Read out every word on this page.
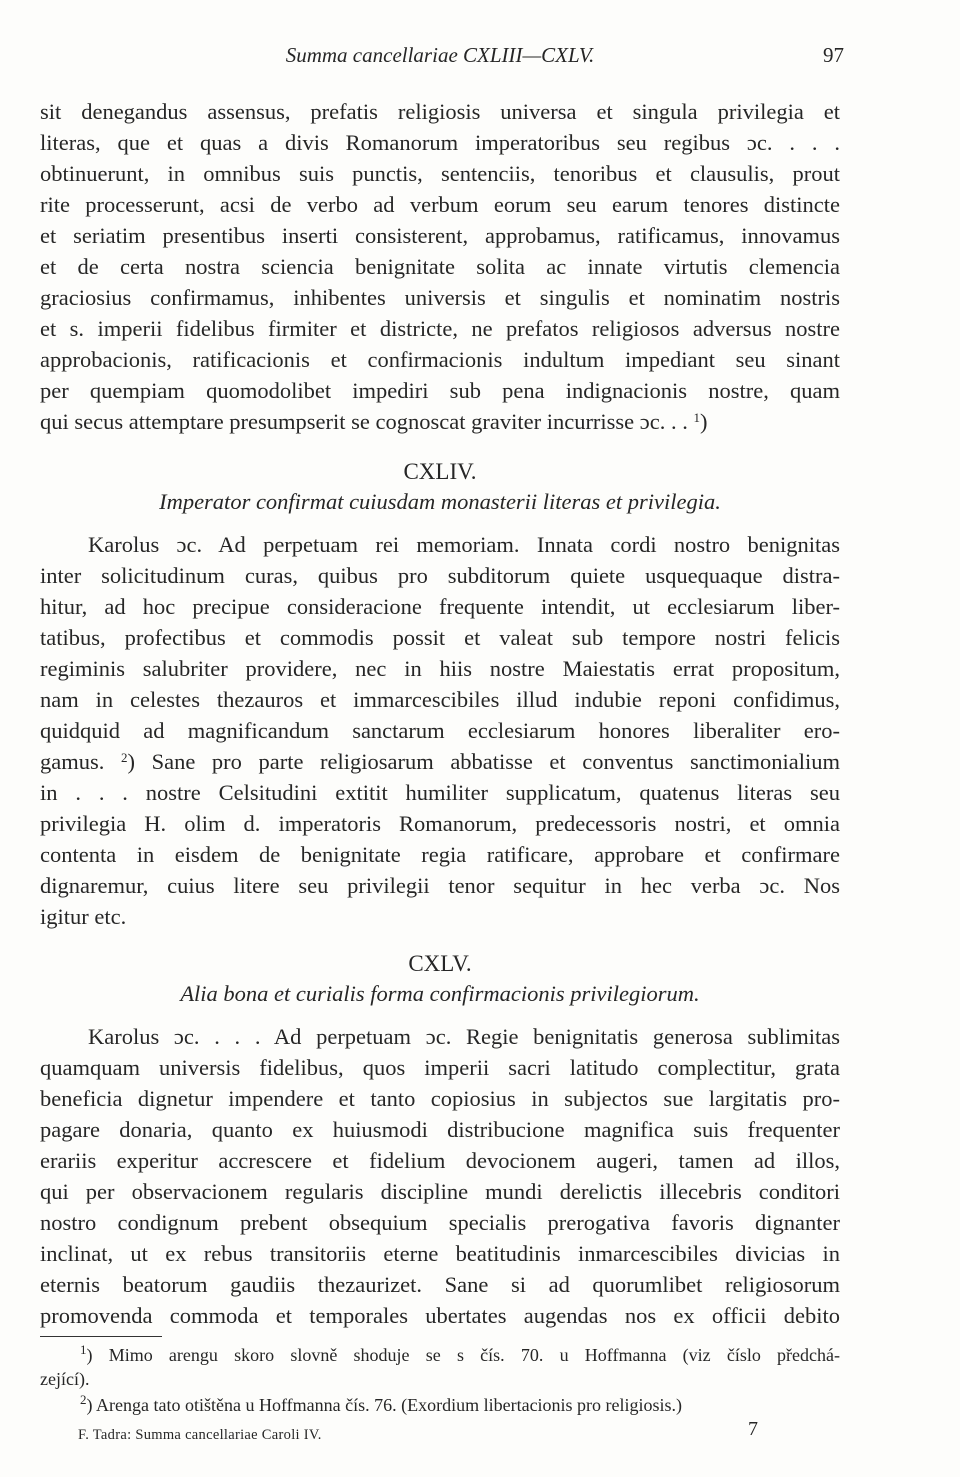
Summa cancellariae CXLIII—CXLV.	97
sit denegandus assensus, prefatis religiosis universa et singula privilegia et
literas, que et quas a divis Romanorum imperatoribus seu regibus ɔc. . . .
obtinuerunt, in omnibus suis punctis, sentenciis, tenoribus et clausulis, prout
rite processerunt, acsi de verbo ad verbum eorum seu earum tenores distincte
et seriatim presentibus inserti consisterent, approbamus, ratificamus, innovamus
et de certa nostra sciencia benignitate solita ac innate virtutis clemencia
graciosius confirmamus, inhibentes universis et singulis et nominatim nostris
et s. imperii fidelibus firmiter et districte, ne prefatos religiosos adversus nostre
approbacionis, ratificacionis et confirmacionis indultum impediant seu sinant
per quempiam quomodolibet impediri sub pena indignacionis nostre, quam
qui secus attemptare presumpserit se cognoscat graviter incurrisse ɔc. . . $^1$)
CXLIV.
Imperator confirmat cuiusdam monasterii literas et privilegia.
Karolus ɔc. Ad perpetuam rei memoriam. Innata cordi nostro benignitas
inter solicitudinum curas, quibus pro subditorum quiete usquequaque distra-
hitur, ad hoc precipue consideracione frequente intendit, ut ecclesiarum liber-
tatibus, profectibus et commodis possit et valeat sub tempore nostri felicis
regiminis salubriter providere, nec in hiis nostre Maiestatis errat propositum,
nam in celestes thezauros et immarcescibiles illud indubie reponi confidimus,
quidquid ad magnificandum sanctarum ecclesiarum honores liberaliter ero-
gamus. $^2$) Sane pro parte religiosarum abbatisse et conventus sanctimonialium
in . . . nostre Celsitudini extitit humiliter supplicatum, quatenus literas seu
privilegia H. olim d. imperatoris Romanorum, predecessoris nostri, et omnia
contenta in eisdem de benignitate regia ratificare, approbare et confirmare
dignaremur, cuius litere seu privilegii tenor sequitur in hec verba ɔc. Nos
igitur etc.
CXLV.
Alia bona et curialis forma confirmacionis privilegiorum.
Karolus ɔc. . . . Ad perpetuam ɔc. Regie benignitatis generosa sublimitas
quamquam universis fidelibus, quos imperii sacri latitudo complectitur, grata
beneficia dignetur impendere et tanto copiosius in subjectos sue largitatis pro-
pagare donaria, quanto ex huiusmodi distribucione magnifica suis frequenter
erariis experitur accrescere et fidelium devocionem augeri, tamen ad illos,
qui per observacionem regularis discipline mundi derelictis illecebris conditori
nostro condignum prebent obsequium specialis prerogativa favoris dignanter
inclinat, ut ex rebus transitoriis eterne beatitudinis inmarcescibiles divicias in
eternis beatorum gaudiis thezaurizet. Sane si ad quorumlibet religiosorum
promovenda commoda et temporales ubertates augendas nos ex officii debito
$^1$) Mimo arengu skoro slovně shoduje se s čís. 70. u Hoffmanna (viz číslo předchá-
zející).
$^2$) Arenga tato otištěna u Hoffmanna čís. 76. (Exordium libertacionis pro religiosis.)
F. Tadra: Summa cancellariae Caroli IV.	7
